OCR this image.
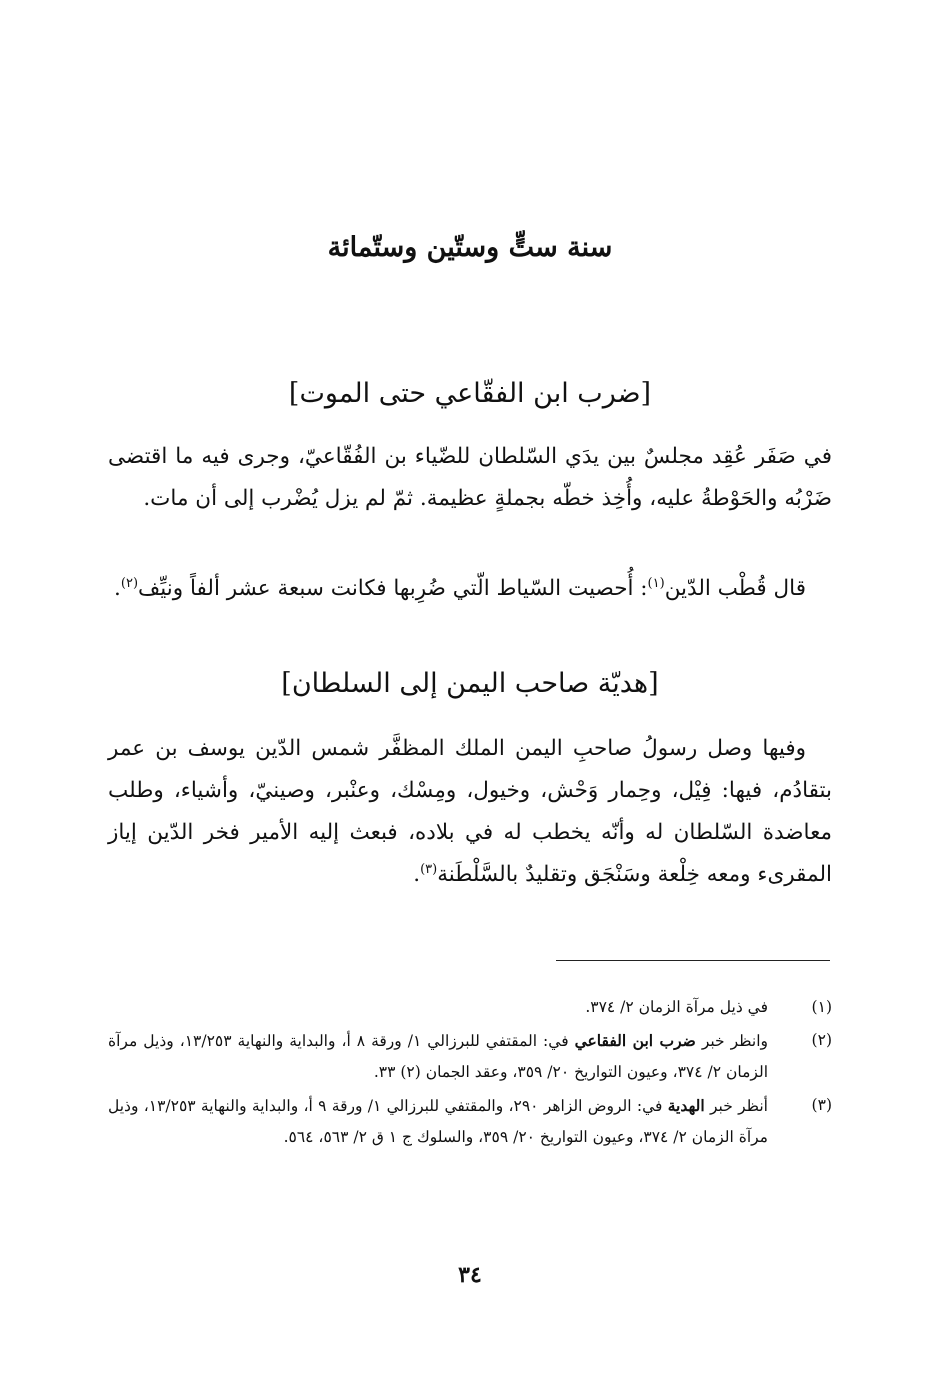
سنة ستٍّ وستّين وستّمائة
[ضرب ابن الفقّاعي حتى الموت]

في صَفَر عُقِد مجلسٌ بين يدَي السّلطان للضّياء بن الفُقّاعيّ، وجرى فيه ما اقتضى ضَرْبُه والحَوْطةُ عليه، وأُخِذ خطّه بجملةٍ عظيمة. ثمّ لم يزل يُضْرب إلى أن مات.

قال قُطْب الدّين$^{(١)}$: أُحصيت السّياط الّتي ضُرِبها فكانت سبعة عشر ألفاً ونيِّف$^{(٢)}$.

[هديّة صاحب اليمن إلى السلطان]

وفيها وصل رسولُ صاحبِ اليمن الملك المظفَّر شمس الدّين يوسف بن عمر بتقادُم، فيها: فِيْل، وحِمار وَحْش، وخيول، ومِسْك، وعنْبر، وصينيّ، وأشياء، وطلب معاضدة السّلطان له وأنّه يخطب له في بلاده، فبعث إليه الأمير فخر الدّين إياز المقرىء ومعه خِلْعة وسَنْجَق وتقليدٌ بالسَّلْطَنة$^{(٣)}$.

(١)
في ذيل مرآة الزمان ٢/ ٣٧٤.
(٢)
وانظر خبر ضرب ابن الفقاعي في: المقتفي للبرزالي ١/ ورقة ٨ أ، والبداية والنهاية ١٣/٢٥٣، وذيل مرآة الزمان ٢/ ٣٧٤، وعيون التواريخ ٢٠/ ٣٥٩، وعقد الجمان (٢) ٣٣.
(٣)
أنظر خبر الهدية في: الروض الزاهر ٢٩٠، والمقتفي للبرزالي ١/ ورقة ٩ أ، والبداية والنهاية ١٣/٢٥٣، وذيل مرآة الزمان ٢/ ٣٧٤، وعيون التواريخ ٢٠/ ٣٥٩، والسلوك ج ١ ق ٢/ ٥٦٣، ٥٦٤.
٣٤
